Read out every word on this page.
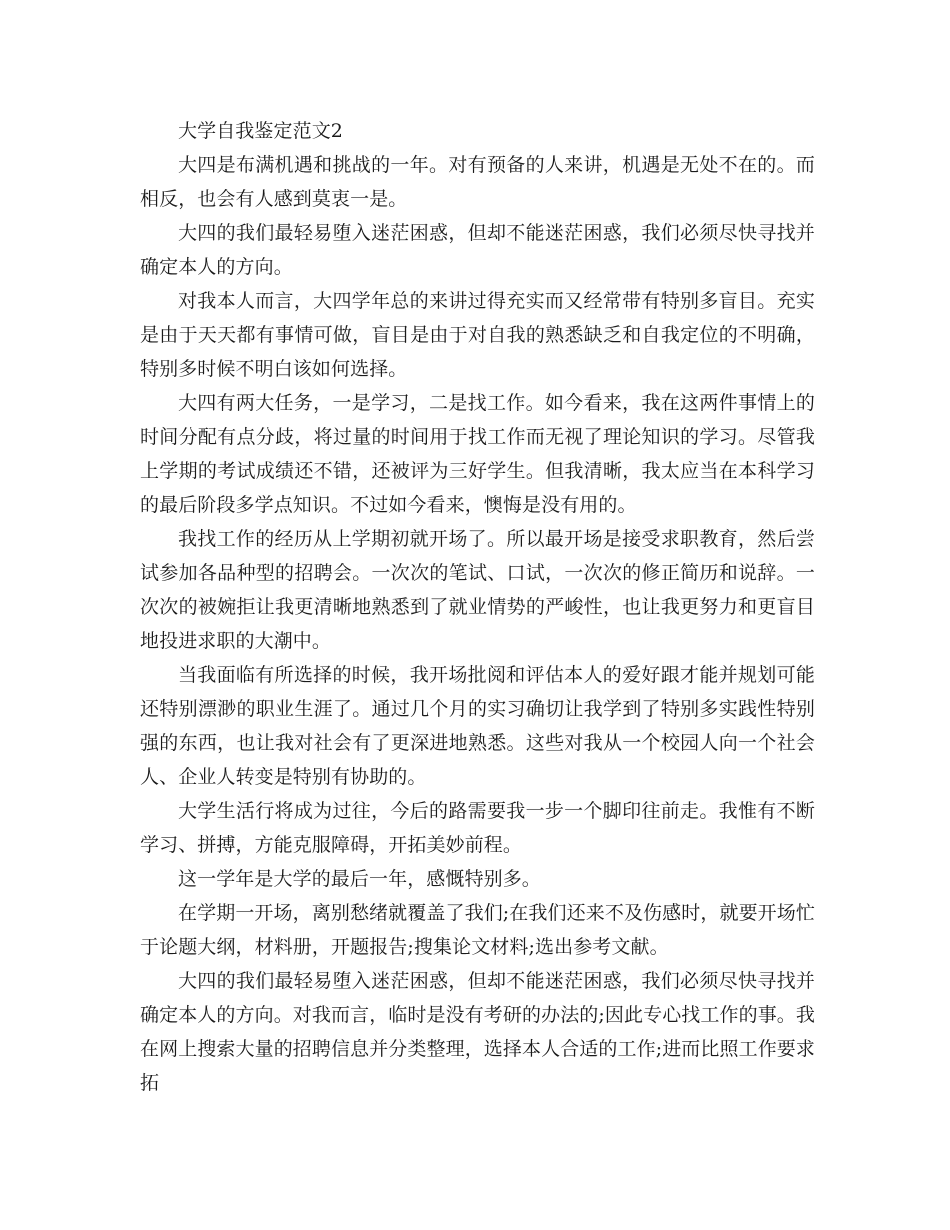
大学自我鉴定范文2

大四是布满机遇和挑战的一年。对有预备的人来讲，机遇是无处不在的。而相反，也会有人感到莫衷一是。

大四的我们最轻易堕入迷茫困惑，但却不能迷茫困惑，我们必须尽快寻找并确定本人的方向。

对我本人而言，大四学年总的来讲过得充实而又经常带有特别多盲目。充实是由于天天都有事情可做，盲目是由于对自我的熟悉缺乏和自我定位的不明确，特别多时候不明白该如何选择。

大四有两大任务，一是学习，二是找工作。如今看来，我在这两件事情上的时间分配有点分歧，将过量的时间用于找工作而无视了理论知识的学习。尽管我上学期的考试成绩还不错，还被评为三好学生。但我清晰，我太应当在本科学习的最后阶段多学点知识。不过如今看来，懊悔是没有用的。

我找工作的经历从上学期初就开场了。所以最开场是接受求职教育，然后尝试参加各品种型的招聘会。一次次的笔试、口试，一次次的修正简历和说辞。一次次的被婉拒让我更清晰地熟悉到了就业情势的严峻性，也让我更努力和更盲目地投进求职的大潮中。

当我面临有所选择的时候，我开场批阅和评估本人的爱好跟才能并规划可能还特别漂渺的职业生涯了。通过几个月的实习确切让我学到了特别多实践性特别强的东西，也让我对社会有了更深进地熟悉。这些对我从一个校园人向一个社会人、企业人转变是特别有协助的。

大学生活行将成为过往，今后的路需要我一步一个脚印往前走。我惟有不断学习、拼搏，方能克服障碍，开拓美妙前程。

这一学年是大学的最后一年，感慨特别多。

在学期一开场，离别愁绪就覆盖了我们;在我们还来不及伤感时，就要开场忙于论题大纲，材料册，开题报告;搜集论文材料;选出参考文献。

大四的我们最轻易堕入迷茫困惑，但却不能迷茫困惑，我们必须尽快寻找并确定本人的方向。对我而言，临时是没有考研的办法的;因此专心找工作的事。我在网上搜索大量的招聘信息并分类整理，选择本人合适的工作;进而比照工作要求拓
